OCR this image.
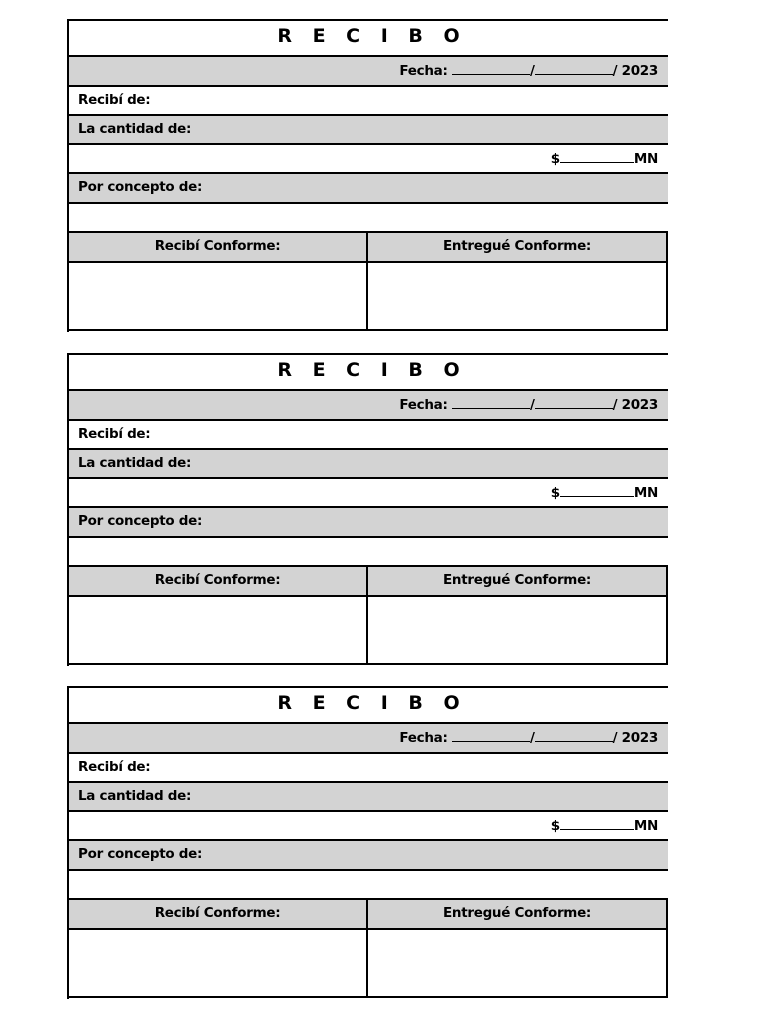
R E C I B O
Fecha:	/	/ 2023
Recibí de:
La cantidad de:
$	MN
Por concepto de:
Recibí Conforme:	Entregué Conforme:
R E C I B O
Fecha:	/	/ 2023
Recibí de:
La cantidad de:
$	MN
Por concepto de:
Recibí Conforme:	Entregué Conforme:
R E C I B O
Fecha:	/	/ 2023
Recibí de:
La cantidad de:
$	MN
Por concepto de:
Recibí Conforme:	Entregué Conforme:
